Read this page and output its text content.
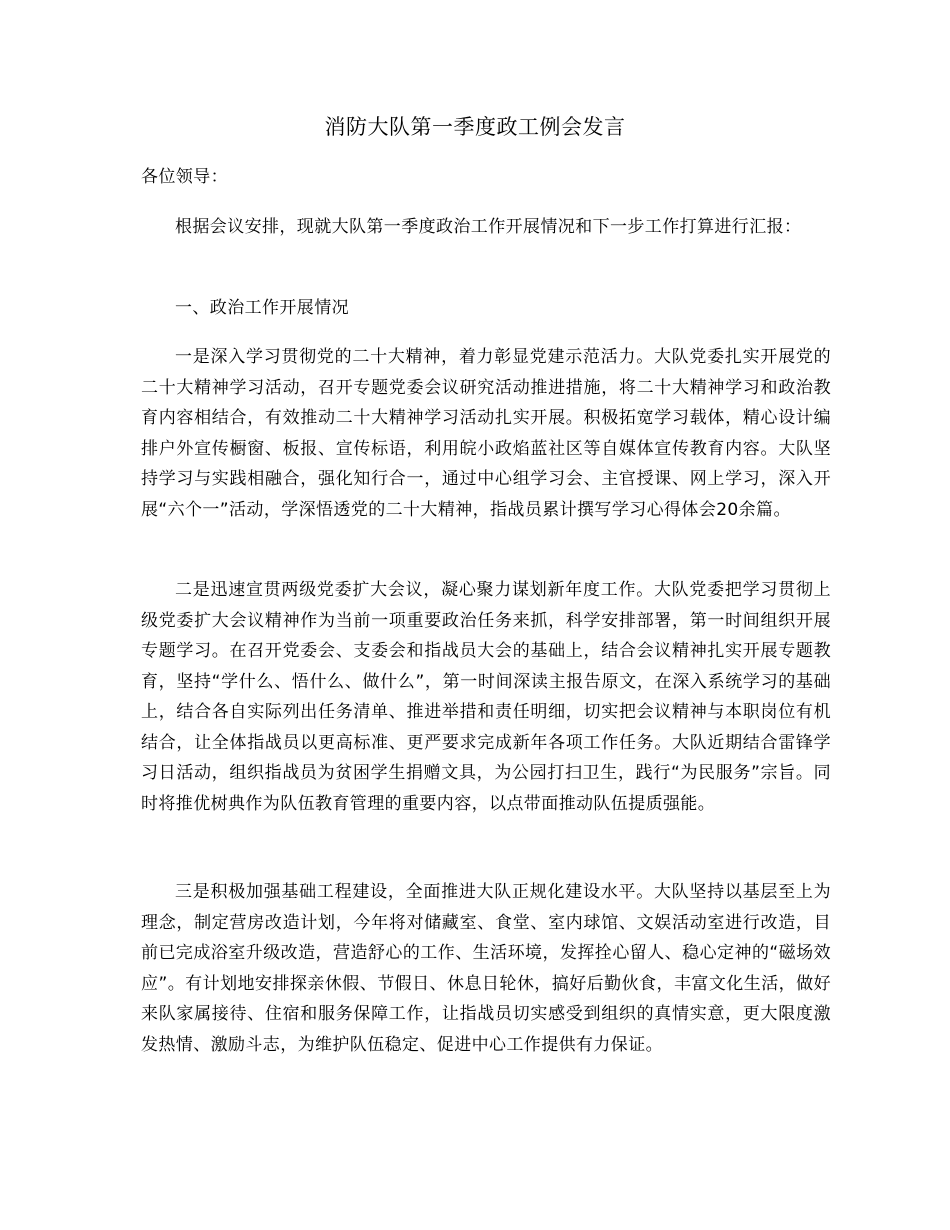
消防大队第一季度政工例会发言

各位领导：

根据会议安排，现就大队第一季度政治工作开展情况和下一步工作打算进行汇报：

一、政治工作开展情况

一是深入学习贯彻党的二十大精神，着力彰显党建示范活力。大队党委扎实开展党的二十大精神学习活动，召开专题党委会议研究活动推进措施，将二十大精神学习和政治教育内容相结合，有效推动二十大精神学习活动扎实开展。积极拓宽学习载体，精心设计编排户外宣传橱窗、板报、宣传标语，利用皖小政焰蓝社区等自媒体宣传教育内容。大队坚持学习与实践相融合，强化知行合一，通过中心组学习会、主官授课、网上学习，深入开展“六个一”活动，学深悟透党的二十大精神，指战员累计撰写学习心得体会20余篇。

二是迅速宣贯两级党委扩大会议，凝心聚力谋划新年度工作。大队党委把学习贯彻上级党委扩大会议精神作为当前一项重要政治任务来抓，科学安排部署，第一时间组织开展专题学习。在召开党委会、支委会和指战员大会的基础上，结合会议精神扎实开展专题教育，坚持“学什么、悟什么、做什么”，第一时间深读主报告原文，在深入系统学习的基础上，结合各自实际列出任务清单、推进举措和责任明细，切实把会议精神与本职岗位有机结合，让全体指战员以更高标准、更严要求完成新年各项工作任务。大队近期结合雷锋学习日活动，组织指战员为贫困学生捐赠文具，为公园打扫卫生，践行“为民服务”宗旨。同时将推优树典作为队伍教育管理的重要内容，以点带面推动队伍提质强能。

三是积极加强基础工程建设，全面推进大队正规化建设水平。大队坚持以基层至上为理念，制定营房改造计划，今年将对储藏室、食堂、室内球馆、文娱活动室进行改造，目前已完成浴室升级改造，营造舒心的工作、生活环境，发挥拴心留人、稳心定神的“磁场效应”。有计划地安排探亲休假、节假日、休息日轮休，搞好后勤伙食，丰富文化生活，做好来队家属接待、住宿和服务保障工作，让指战员切实感受到组织的真情实意，更大限度激发热情、激励斗志，为维护队伍稳定、促进中心工作提供有力保证。
